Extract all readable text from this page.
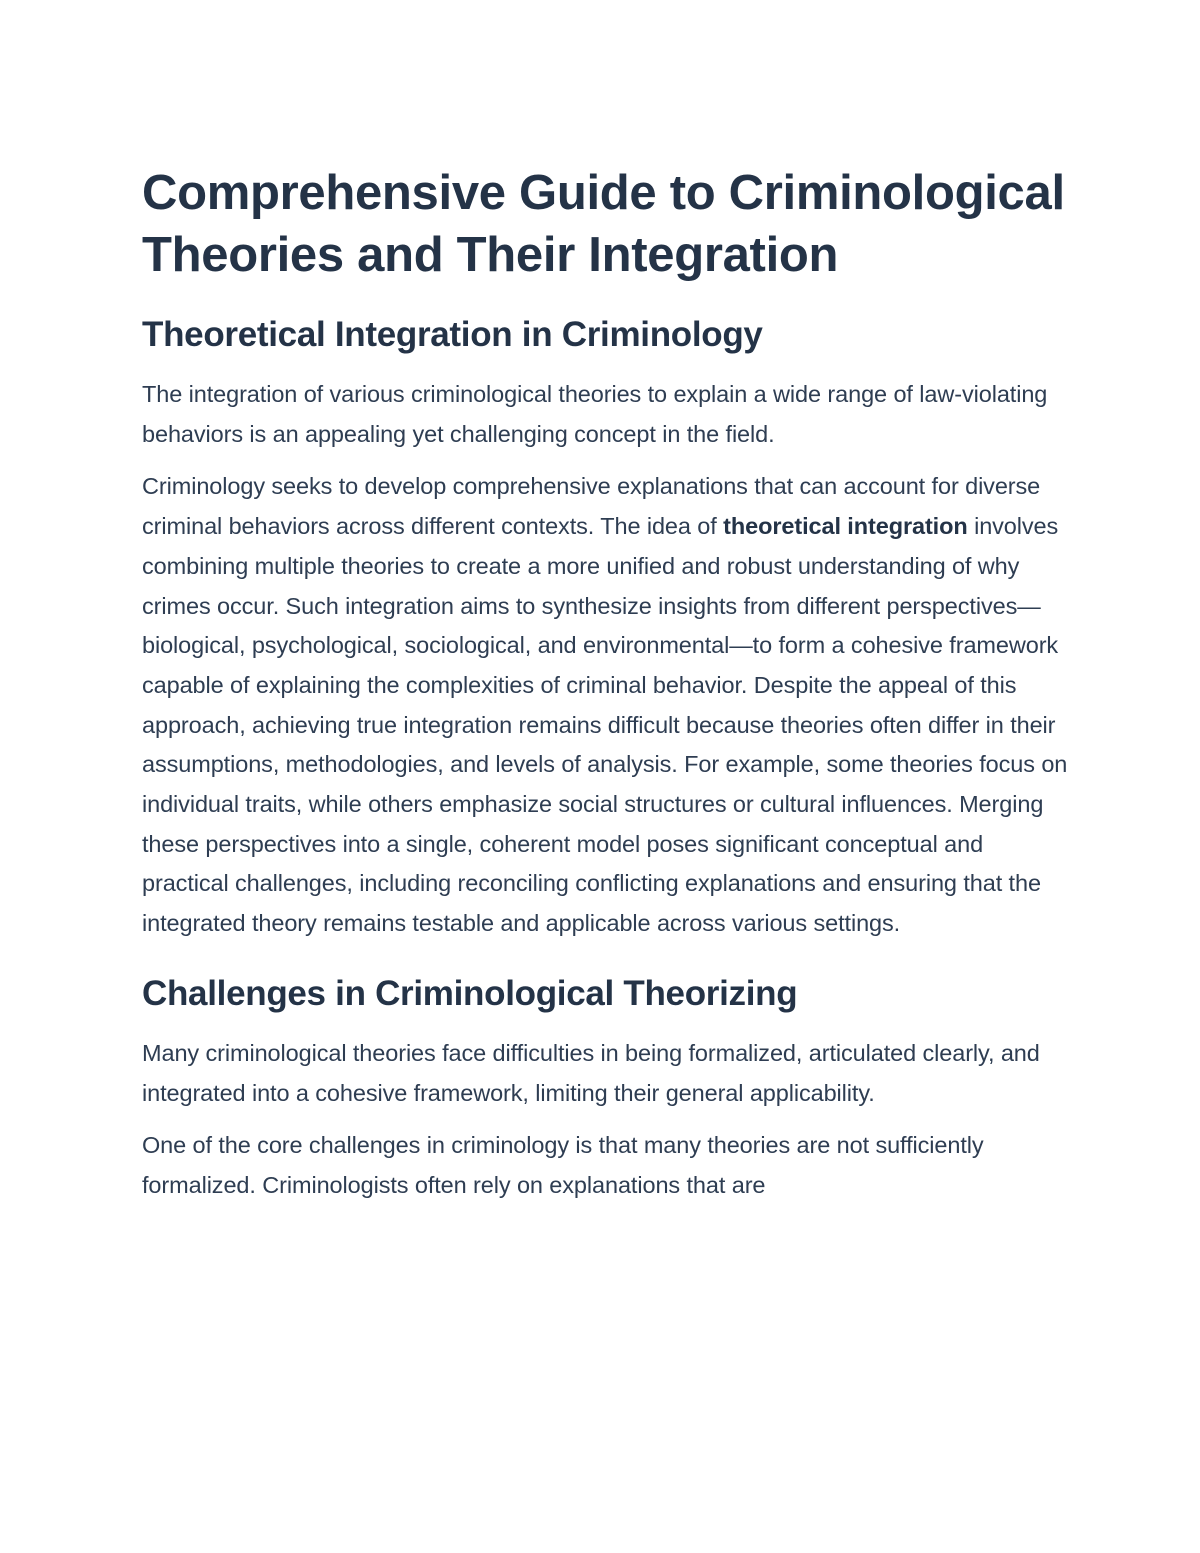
Comprehensive Guide to Criminological Theories and Their Integration
Theoretical Integration in Criminology

The integration of various criminological theories to explain a wide range of law-violating behaviors is an appealing yet challenging concept in the field.

Criminology seeks to develop comprehensive explanations that can account for diverse criminal behaviors across different contexts. The idea of theoretical integration involves combining multiple theories to create a more unified and robust understanding of why crimes occur. Such integration aims to synthesize insights from different perspectives—biological, psychological, sociological, and environmental—to form a cohesive framework capable of explaining the complexities of criminal behavior. Despite the appeal of this approach, achieving true integration remains difficult because theories often differ in their assumptions, methodologies, and levels of analysis. For example, some theories focus on individual traits, while others emphasize social structures or cultural influences. Merging these perspectives into a single, coherent model poses significant conceptual and practical challenges, including reconciling conflicting explanations and ensuring that the integrated theory remains testable and applicable across various settings.

Challenges in Criminological Theorizing

Many criminological theories face difficulties in being formalized, articulated clearly, and integrated into a cohesive framework, limiting their general applicability.

One of the core challenges in criminology is that many theories are not sufficiently formalized. Criminologists often rely on explanations that are
